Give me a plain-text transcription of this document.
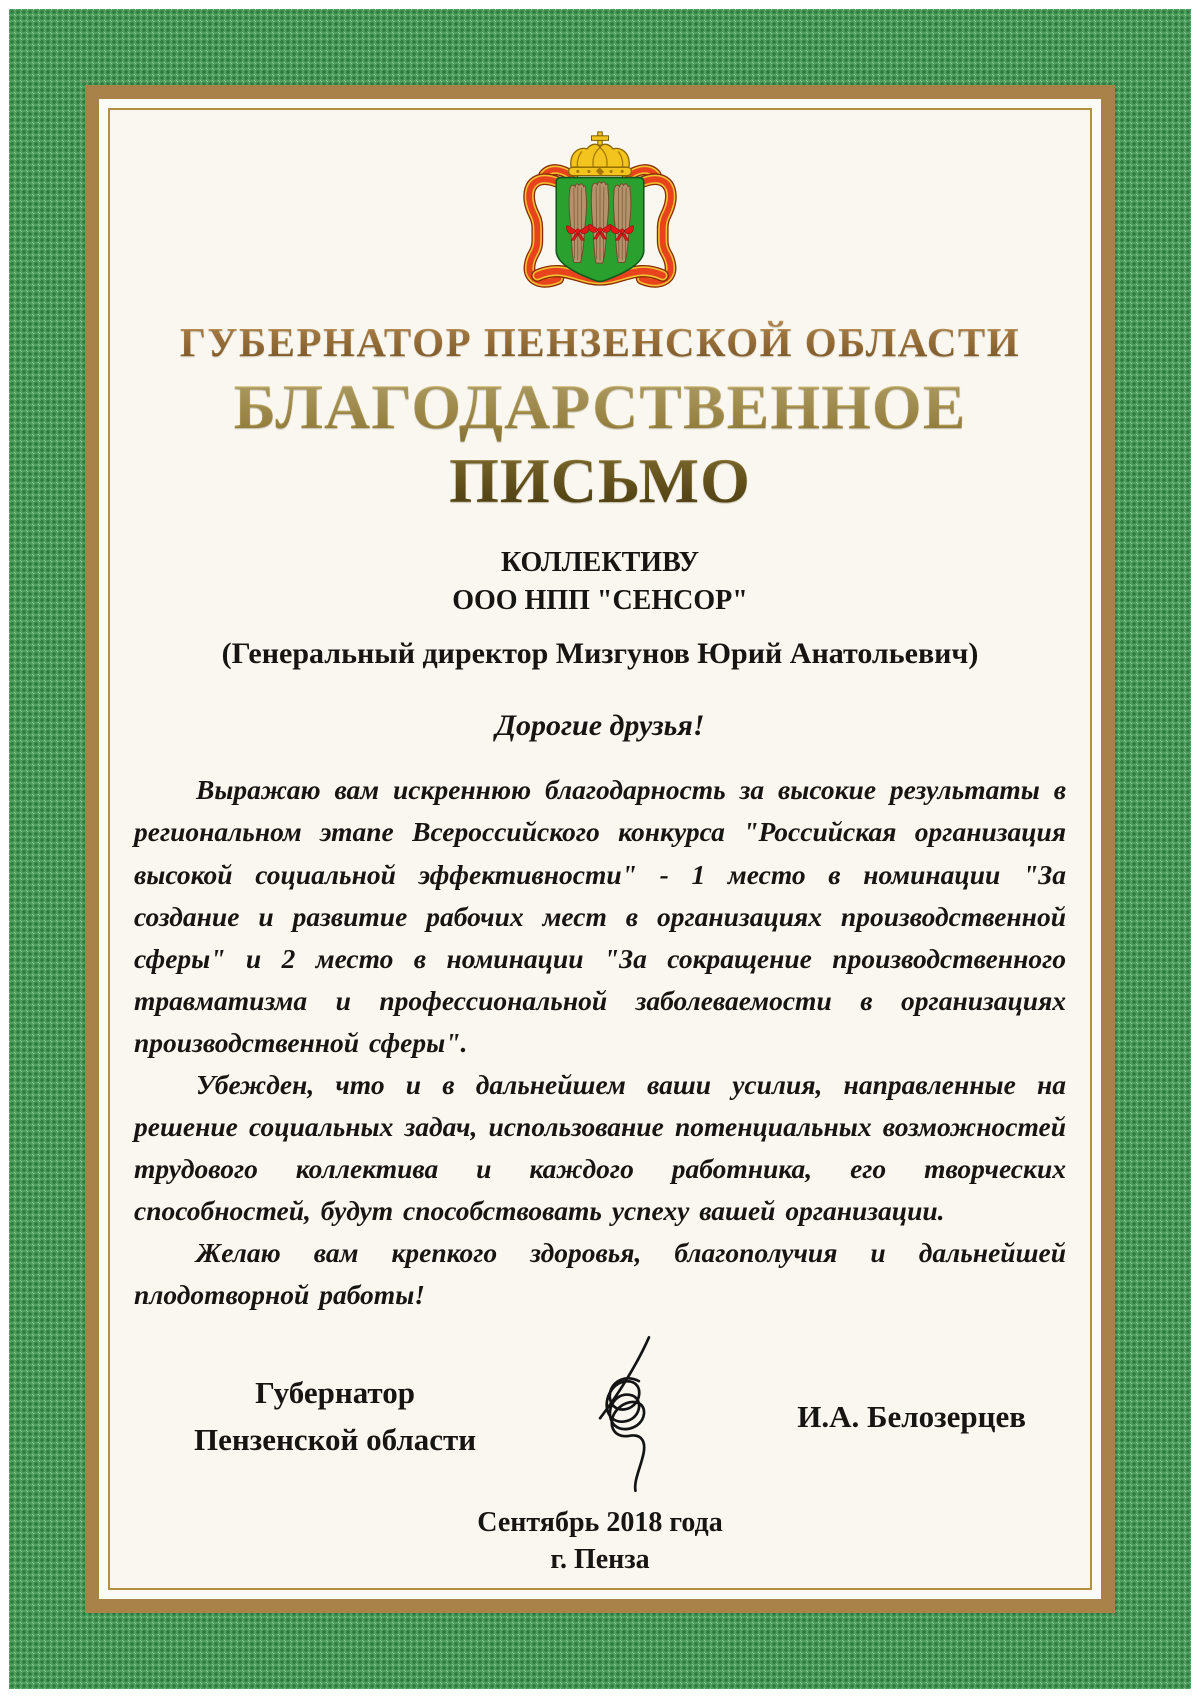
ГУБЕРНАТОР ПЕНЗЕНСКОЙ ОБЛАСТИ
БЛАГОДАРСТВЕННОЕ ПИСЬМО
КОЛЛЕКТИВУ
ООО НПП "СЕНСОР"
(Генеральный директор Мизгунов Юрий Анатольевич)
Дорогие друзья!

Выражаю вам искреннюю благодарность за высокие результаты в региональном этапе Всероссийского конкурса "Российская организация высокой социальной эффективности" - 1 место в номинации "За создание и развитие рабочих мест в организациях производственной сферы" и 2 место в номинации "За сокращение производственного травматизма и профессиональной заболеваемости в организациях производственной сферы".

Убежден, что и в дальнейшем ваши усилия, направленные на решение социальных задач, использование потенциальных возможностей трудового коллектива и каждого работника, его творческих способностей, будут способствовать успеху вашей организации.

Желаю вам крепкого здоровья, благополучия и дальнейшей плодотворной работы!

Губернатор
Пензенской области
И.А. Белозерцев
Сентябрь 2018 года
г. Пенза
